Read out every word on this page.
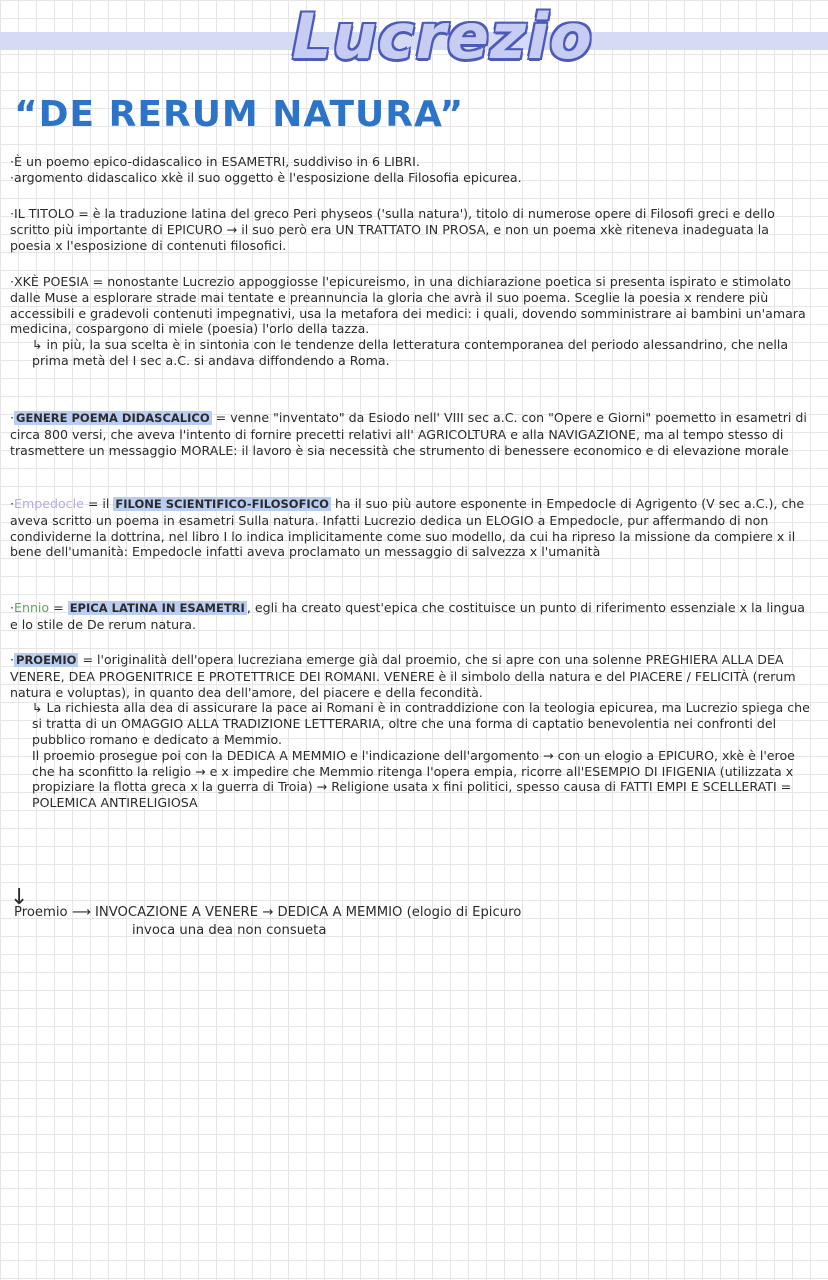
Lucrezio
“DE RERUM NATURA”

·È un poemo epico-didascalico in ESAMETRI, suddiviso in 6 LIBRI.

·argomento didascalico xkè il suo oggetto è l'esposizione della Filosofia epicurea.

·IL TITOLO = è la traduzione latina del greco Peri physeos ('sulla natura'), titolo di numerose opere di Filosofi greci e dello scritto più importante di EPICURO → il suo però era UN TRATTATO IN PROSA, e non un poema xkè riteneva inadeguata la poesia x l'esposizione di contenuti filosofici.

·XKÈ POESIA = nonostante Lucrezio appoggiosse l'epicureismo, in una dichiarazione poetica si presenta ispirato e stimolato dalle Muse a esplorare strade mai tentate e preannuncia la gloria che avrà il suo poema. Sceglie la poesia x rendere più accessibili e gradevoli contenuti impegnativi, usa la metafora dei medici: i quali, dovendo somministrare ai bambini un'amara medicina, cospargono di miele (poesia) l'orlo della tazza.

↳ in più, la sua scelta è in sintonia con le tendenze della letteratura contemporanea del periodo alessandrino, che nella prima metà del I sec a.C. si andava diffondendo a Roma.

· GENERE POEMA DIDASCALICO = venne "inventato" da Esiodo nell' VIII sec a.C. con "Opere e Giorni" poemetto in esametri di circa 800 versi, che aveva l'intento di fornire precetti relativi all' AGRICOLTURA e alla NAVIGAZIONE, ma al tempo stesso di trasmettere un messaggio MORALE: il lavoro è sia necessità che strumento di benessere economico e di elevazione morale

·Empedocle = il FILONE SCIENTIFICO-FILOSOFICO ha il suo più autore esponente in Empedocle di Agrigento (V sec a.C.), che aveva scritto un poema in esametri Sulla natura. Infatti Lucrezio dedica un ELOGIO a Empedocle, pur affermando di non condividerne la dottrina, nel libro I lo indica implicitamente come suo modello, da cui ha ripreso la missione da compiere x il bene dell'umanità: Empedocle infatti aveva proclamato un messaggio di salvezza x l'umanità

·Ennio = EPICA LATINA IN ESAMETRI , egli ha creato quest'epica che costituisce un punto di riferimento essenziale x la lingua e lo stile de De rerum natura.

· PROEMIO = l'originalità dell'opera lucreziana emerge già dal proemio, che si apre con una solenne PREGHIERA ALLA DEA VENERE, DEA PROGENITRICE E PROTETTRICE DEI ROMANI. VENERE è il simbolo della natura e del PIACERE / FELICITÀ (rerum natura e voluptas), in quanto dea dell'amore, del piacere e della fecondità.

↳ La richiesta alla dea di assicurare la pace ai Romani è in contraddizione con la teologia epicurea, ma Lucrezio spiega che si tratta di un OMAGGIO ALLA TRADIZIONE LETTERARIA, oltre che una forma di captatio benevolentia nei confronti del pubblico romano e dedicato a Memmio.

Il proemio prosegue poi con la DEDICA A MEMMIO e l'indicazione dell'argomento → con un elogio a EPICURO, xkè è l'eroe che ha sconfitto la religio → e x impedire che Memmio ritenga l'opera empia, ricorre all'ESEMPIO DI IFIGENIA (utilizzata x propiziare la flotta greca x la guerra di Troia) → Religione usata x fini politici, spesso causa di FATTI EMPI E SCELLERATI = POLEMICA ANTIRELIGIOSA

↓
Proemio ⟶ INVOCAZIONE A VENERE → DEDICA A MEMMIO (elogio di Epicuro
invoca una dea non consueta
